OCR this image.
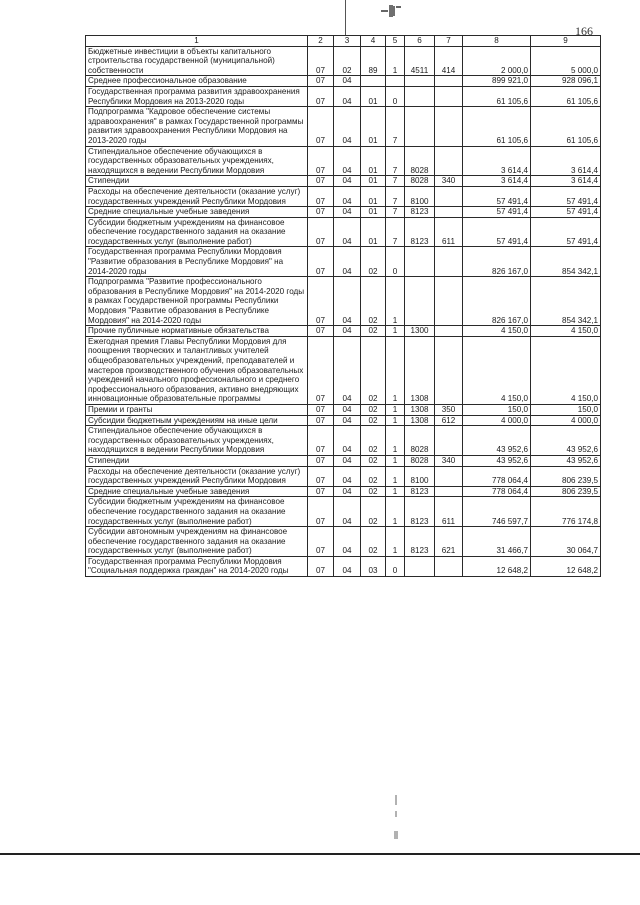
166
1	2	3	4	5	6	7	8	9
Бюджетные инвестиции в объекты капитального строительства государственной (муниципальной) собственности	07	02	89	1	4511	414	2 000,0	5 000,0
Среднее профессиональное образование	07	04					899 921,0	928 096,1
Государственная программа развития здравоохранения Республики Мордовия на 2013-2020 годы	07	04	01	0			61 105,6	61 105,6
Подпрограмма "Кадровое обеспечение системы здравоохранения" в рамках Государственной программы развития здравоохранения Республики Мордовия на 2013-2020 годы	07	04	01	7			61 105,6	61 105,6
Стипендиальное обеспечение обучающихся в государственных образовательных учреждениях, находящихся в ведении Республики Мордовия	07	04	01	7	8028		3 614,4	3 614,4
Стипендии	07	04	01	7	8028	340	3 614,4	3 614,4
Расходы на обеспечение деятельности (оказание услуг) государственных учреждений Республики Мордовия	07	04	01	7	8100		57 491,4	57 491,4
Средние специальные учебные заведения	07	04	01	7	8123		57 491,4	57 491,4
Субсидии бюджетным учреждениям на финансовое обеспечение государственного задания на оказание государственных услуг (выполнение работ)	07	04	01	7	8123	611	57 491,4	57 491,4
Государственная программа Республики Мордовия "Развитие образования в Республике Мордовия" на 2014-2020 годы	07	04	02	0			826 167,0	854 342,1
Подпрограмма "Развитие профессионального образования в Республике Мордовия" на 2014-2020 годы в рамках Государственной программы Республики Мордовия "Развитие образования в Республике Мордовия" на 2014-2020 годы	07	04	02	1			826 167,0	854 342,1
Прочие публичные нормативные обязательства	07	04	02	1	1300		4 150,0	4 150,0
Ежегодная премия Главы Республики Мордовия для поощрения творческих и талантливых учителей общеобразовательных учреждений, преподавателей и мастеров производственного обучения образовательных учреждений начального профессионального и среднего профессионального образования, активно внедряющих инновационные образовательные программы	07	04	02	1	1308		4 150,0	4 150,0
Премии и гранты	07	04	02	1	1308	350	150,0	150,0
Субсидии бюджетным учреждениям на иные цели	07	04	02	1	1308	612	4 000,0	4 000,0
Стипендиальное обеспечение обучающихся в государственных образовательных учреждениях, находящихся в ведении Республики Мордовия	07	04	02	1	8028		43 952,6	43 952,6
Стипендии	07	04	02	1	8028	340	43 952,6	43 952,6
Расходы на обеспечение деятельности (оказание услуг) государственных учреждений Республики Мордовия	07	04	02	1	8100		778 064,4	806 239,5
Средние специальные учебные заведения	07	04	02	1	8123		778 064,4	806 239,5
Субсидии бюджетным учреждениям на финансовое обеспечение государственного задания на оказание государственных услуг (выполнение работ)	07	04	02	1	8123	611	746 597,7	776 174,8
Субсидии автономным учреждениям на финансовое обеспечение государственного задания на оказание государственных услуг (выполнение работ)	07	04	02	1	8123	621	31 466,7	30 064,7
Государственная программа Республики Мордовия "Социальная поддержка граждан" на 2014-2020 годы	07	04	03	0			12 648,2	12 648,2
